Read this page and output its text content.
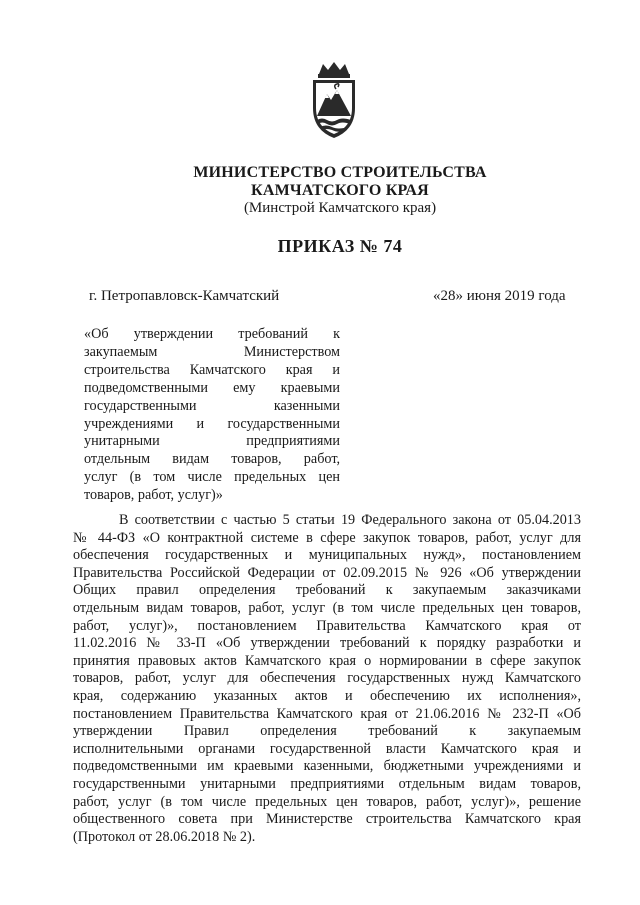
МИНИСТЕРСТВО СТРОИТЕЛЬСТВА
КАМЧАТСКОГО КРАЯ
(Минстрой Камчатского края)
ПРИКАЗ № 74
г. Петропавловск-Камчатский	«28» июня 2019 года
«Об утверждении требований к
закупаемым Министерством
строительства Камчатского края и
подведомственными ему краевыми
государственными казенными
учреждениями и государственными
унитарными предприятиями
отдельным видам товаров, работ,
услуг (в том числе предельных цен
товаров, работ, услуг)»
В соответствии с частью 5 статьи 19 Федерального закона от 05.04.2013
№ 44-ФЗ «О контрактной системе в сфере закупок товаров, работ, услуг для
обеспечения государственных и муниципальных нужд», постановлением
Правительства Российской Федерации от 02.09.2015 № 926 «Об утверждении
Общих правил определения требований к закупаемым заказчиками
отдельным видам товаров, работ, услуг (в том числе предельных цен товаров,
работ, услуг)», постановлением Правительства Камчатского края от
11.02.2016 № 33-П «Об утверждении требований к порядку разработки и
принятия правовых актов Камчатского края о нормировании в сфере закупок
товаров, работ, услуг для обеспечения государственных нужд Камчатского
края, содержанию указанных актов и обеспечению их исполнения»,
постановлением Правительства Камчатского края от 21.06.2016 № 232-П «Об
утверждении Правил определения требований к закупаемым
исполнительными органами государственной власти Камчатского края и
подведомственными им краевыми казенными, бюджетными учреждениями и
государственными унитарными предприятиями отдельным видам товаров,
работ, услуг (в том числе предельных цен товаров, работ, услуг)», решение
общественного совета при Министерстве строительства Камчатского края
(Протокол от 28.06.2018 № 2).
